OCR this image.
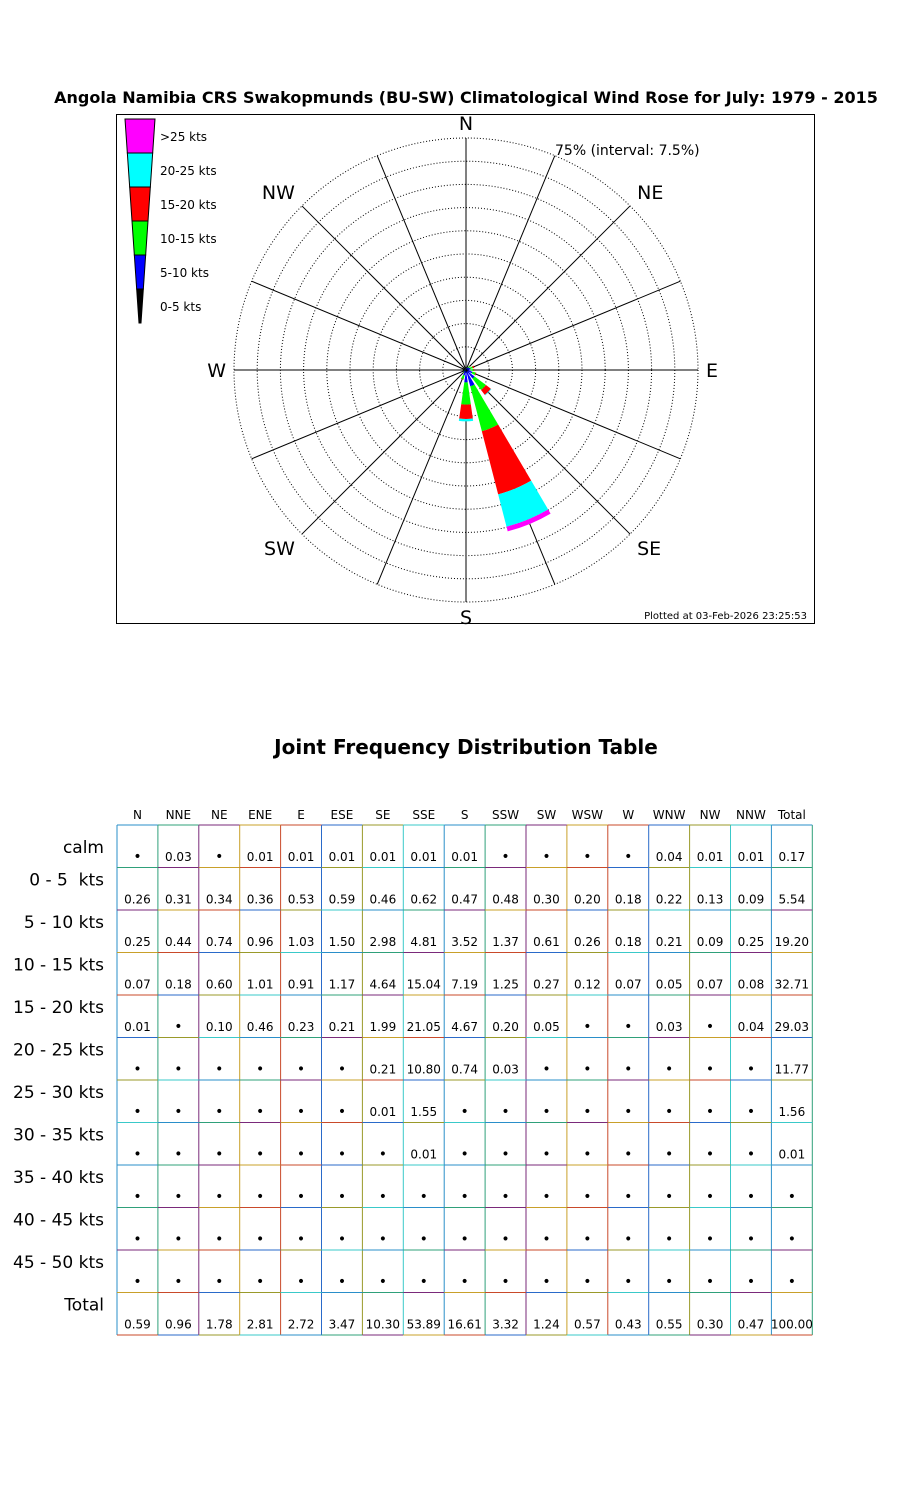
Angola Namibia CRS Swakopmunds (BU-SW) Climatological Wind Rose for July: 1979 - 2015
N
NE
E
SE
S
SW
W
NW
75% (interval: 7.5%)
>25 kts
20-25 kts
15-20 kts
10-15 kts
5-10 kts
0-5 kts
Plotted at 03-Feb-2026 23:25:53
Joint Frequency Distribution Table
N NNE NE ENE E ESE SE SSE S SSW SW WSW W WNW NW NNW Total
calm • 0.03 • 0.01 0.01 0.01 0.01 0.01 0.01 • • • • 0.04 0.01 0.01 0.17
0 - 5  kts
0.26 0.31 0.34 0.36 0.53 0.59 0.46 0.62 0.47 0.48 0.30 0.20 0.18 0.22 0.13 0.09 5.54
5 - 10 kts
0.25 0.44 0.74 0.96 1.03 1.50 2.98 4.81 3.52 1.37 0.61 0.26 0.18 0.21 0.09 0.25 19.20
10 - 15 kts
0.07 0.18 0.60 1.01 0.91 1.17 4.64 15.04 7.19 1.25 0.27 0.12 0.07 0.05 0.07 0.08 32.71
15 - 20 kts
0.01 • 0.10 0.46 0.23 0.21 1.99 21.05 4.67 0.20 0.05 • • 0.03 • 0.04 29.03
20 - 25 kts
• • • • • • 0.21 10.80 0.74 0.03 • • • • • • 11.77
25 - 30 kts
• • • • • • 0.01 1.55 • • • • • • • • 1.56
30 - 35 kts
• • • • • • • 0.01 • • • • • • • • 0.01
35 - 40 kts
• • • • • • • • • • • • • • • • •
40 - 45 kts
• • • • • • • • • • • • • • • • •
45 - 50 kts
• • • • • • • • • • • • • • • • •
Total
0.59 0.96 1.78 2.81 2.72 3.47 10.30 53.89 16.61 3.32 1.24 0.57 0.43 0.55 0.30 0.47 100.00
